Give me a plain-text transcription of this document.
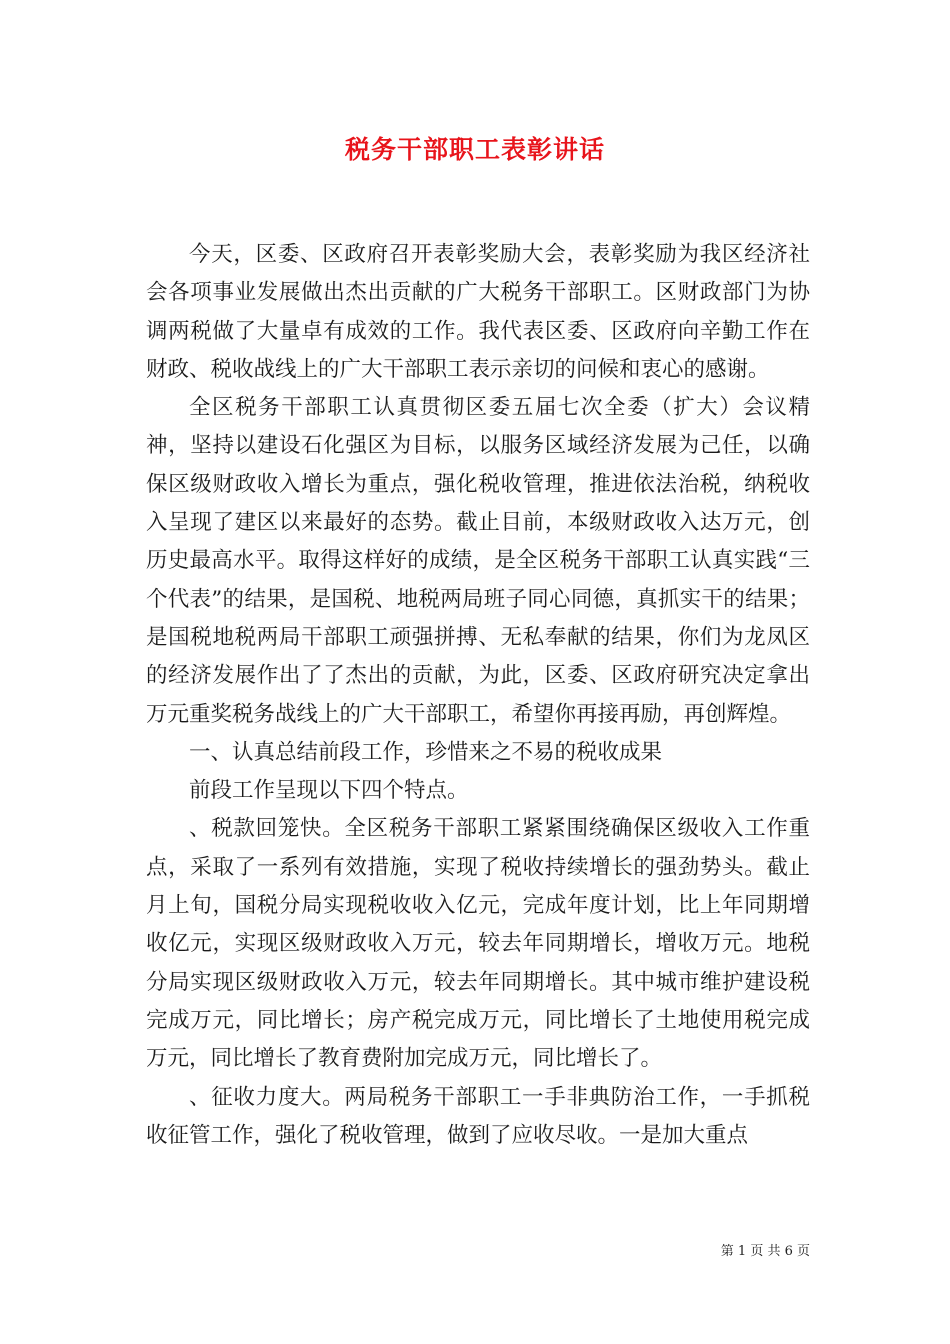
税务干部职工表彰讲话

今天，区委、区政府召开表彰奖励大会，表彰奖励为我区经济社会各项事业发展做出杰出贡献的广大税务干部职工。区财政部门为协调两税做了大量卓有成效的工作。我代表区委、区政府向辛勤工作在财政、税收战线上的广大干部职工表示亲切的问候和衷心的感谢。

全区税务干部职工认真贯彻区委五届七次全委（扩大）会议精神，坚持以建设石化强区为目标，以服务区域经济发展为己任，以确保区级财政收入增长为重点，强化税收管理，推进依法治税，纳税收入呈现了建区以来最好的态势。截止目前，本级财政收入达万元，创历史最高水平。取得这样好的成绩，是全区税务干部职工认真实践“三个代表”的结果，是国税、地税两局班子同心同德，真抓实干的结果；是国税地税两局干部职工顽强拼搏、无私奉献的结果，你们为龙凤区的经济发展作出了了杰出的贡献，为此，区委、区政府研究决定拿出万元重奖税务战线上的广大干部职工，希望你再接再励，再创辉煌。

一、认真总结前段工作，珍惜来之不易的税收成果

前段工作呈现以下四个特点。

、税款回笼快。全区税务干部职工紧紧围绕确保区级收入工作重点，采取了一系列有效措施，实现了税收持续增长的强劲势头。截止月上旬，国税分局实现税收收入亿元，完成年度计划，比上年同期增收亿元，实现区级财政收入万元，较去年同期增长，增收万元。地税分局实现区级财政收入万元，较去年同期增长。其中城市维护建设税完成万元，同比增长；房产税完成万元，同比增长了土地使用税完成万元，同比增长了教育费附加完成万元，同比增长了。

、征收力度大。两局税务干部职工一手非典防治工作，一手抓税收征管工作，强化了税收管理，做到了应收尽收。一是加大重点

第 1 页 共 6 页
